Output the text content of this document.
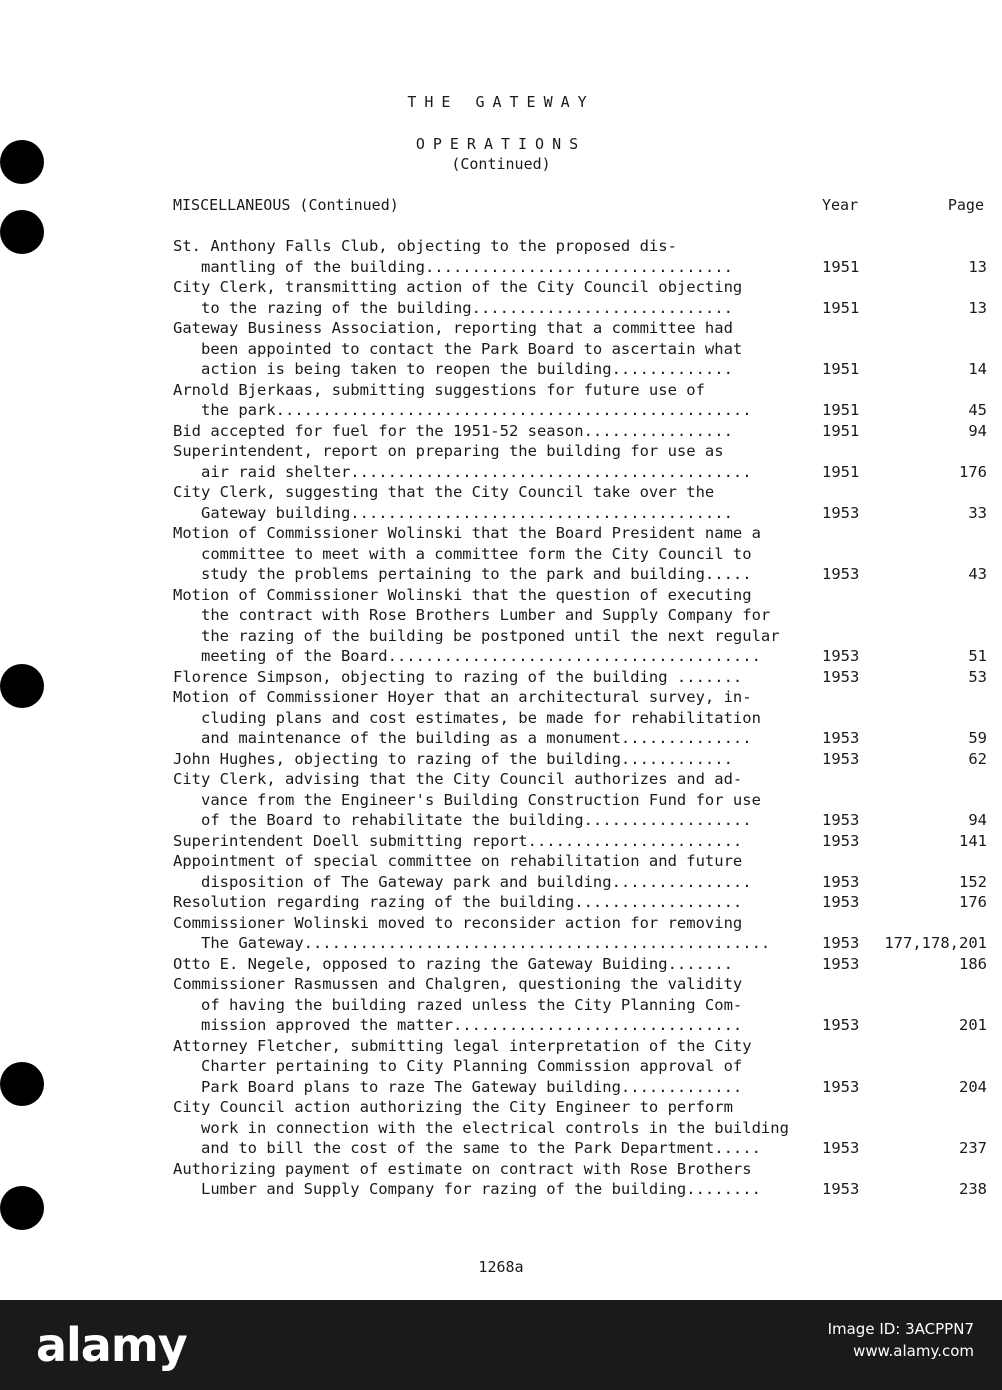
THE GATEWAY
OPERATIONS
(Continued)
MISCELLANEOUS (Continued)	Year	Page
St. Anthony Falls Club, objecting to the proposed dis-
mantling of the building.................................	1951	13
City Clerk, transmitting action of the City Council objecting
to the razing of the building............................	1951	13
Gateway Business Association, reporting that a committee had
been appointed to contact the Park Board to ascertain what
action is being taken to reopen the building.............	1951	14
Arnold Bjerkaas, submitting suggestions for future use of
the park...................................................	1951	45
Bid accepted for fuel for the 1951-52 season................	1951	94
Superintendent, report on preparing the building for use as
air raid shelter...........................................	1951	176
City Clerk, suggesting that the City Council take over the
Gateway building.........................................	1953	33
Motion of Commissioner Wolinski that the Board President name a
committee to meet with a committee form the City Council to
study the problems pertaining to the park and building.....	1953	43
Motion of Commissioner Wolinski that the question of executing
the contract with Rose Brothers Lumber and Supply Company for
the razing of the building be postponed until the next regular
meeting of the Board........................................	1953	51
Florence Simpson, objecting to razing of the building .......	1953	53
Motion of Commissioner Hoyer that an architectural survey, in-
cluding plans and cost estimates, be made for rehabilitation
and maintenance of the building as a monument..............	1953	59
John Hughes, objecting to razing of the building............	1953	62
City Clerk, advising that the City Council authorizes and ad-
vance from the Engineer's Building Construction Fund for use
of the Board to rehabilitate the building..................	1953	94
Superintendent Doell submitting report.......................	1953	141
Appointment of special committee on rehabilitation and future
disposition of The Gateway park and building...............	1953	152
Resolution regarding razing of the building..................	1953	176
Commissioner Wolinski moved to reconsider action for removing
The Gateway..................................................	1953 177,178,201
Otto E. Negele, opposed to razing the Gateway Buiding.......	1953	186
Commissioner Rasmussen and Chalgren, questioning the validity
of having the building razed unless the City Planning Com-
mission approved the matter...............................	1953	201
Attorney Fletcher, submitting legal interpretation of the City
Charter pertaining to City Planning Commission approval of
Park Board plans to raze The Gateway building.............	1953	204
City Council action authorizing the City Engineer to perform
work in connection with the electrical controls in the building
and to bill the cost of the same to the Park Department.....	1953	237
Authorizing payment of estimate on contract with Rose Brothers
Lumber and Supply Company for razing of the building........	1953	238
1268a
alamy	Image ID: 3ACPPN7
www.alamy.com
